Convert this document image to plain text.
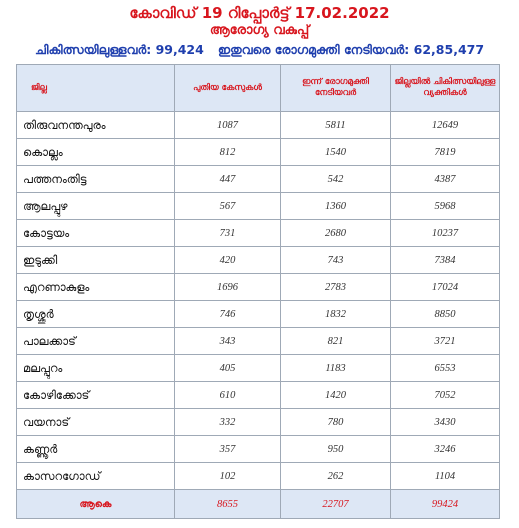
കോവിഡ് 19 റിപ്പോർട്ട് 17.02.2022
ആരോഗ്യ വകുപ്പ്
ചികിത്സയിലുള്ളവർ: 99,424 ഇതുവരെ രോഗമുക്തി നേടിയവർ: 62,85,477
ജില്ല	പുതിയ കേസുകൾ	ഇന്ന് രോഗമുക്തി നേടിയവർ	ജില്ലയിൽ ചികിത്സയിലുള്ള വ്യക്തികൾ
തിരുവനന്തപുരം	1087	5811	12649
കൊല്ലം	812	1540	7819
പത്തനംതിട്ട	447	542	4387
ആലപ്പുഴ	567	1360	5968
കോട്ടയം	731	2680	10237
ഇടുക്കി	420	743	7384
എറണാകുളം	1696	2783	17024
തൃശ്ശൂർ	746	1832	8850
പാലക്കാട്	343	821	3721
മലപ്പുറം	405	1183	6553
കോഴിക്കോട്	610	1420	7052
വയനാട്	332	780	3430
കണ്ണൂർ	357	950	3246
കാസറഗോഡ്	102	262	1104
ആകെ	8655	22707	99424
